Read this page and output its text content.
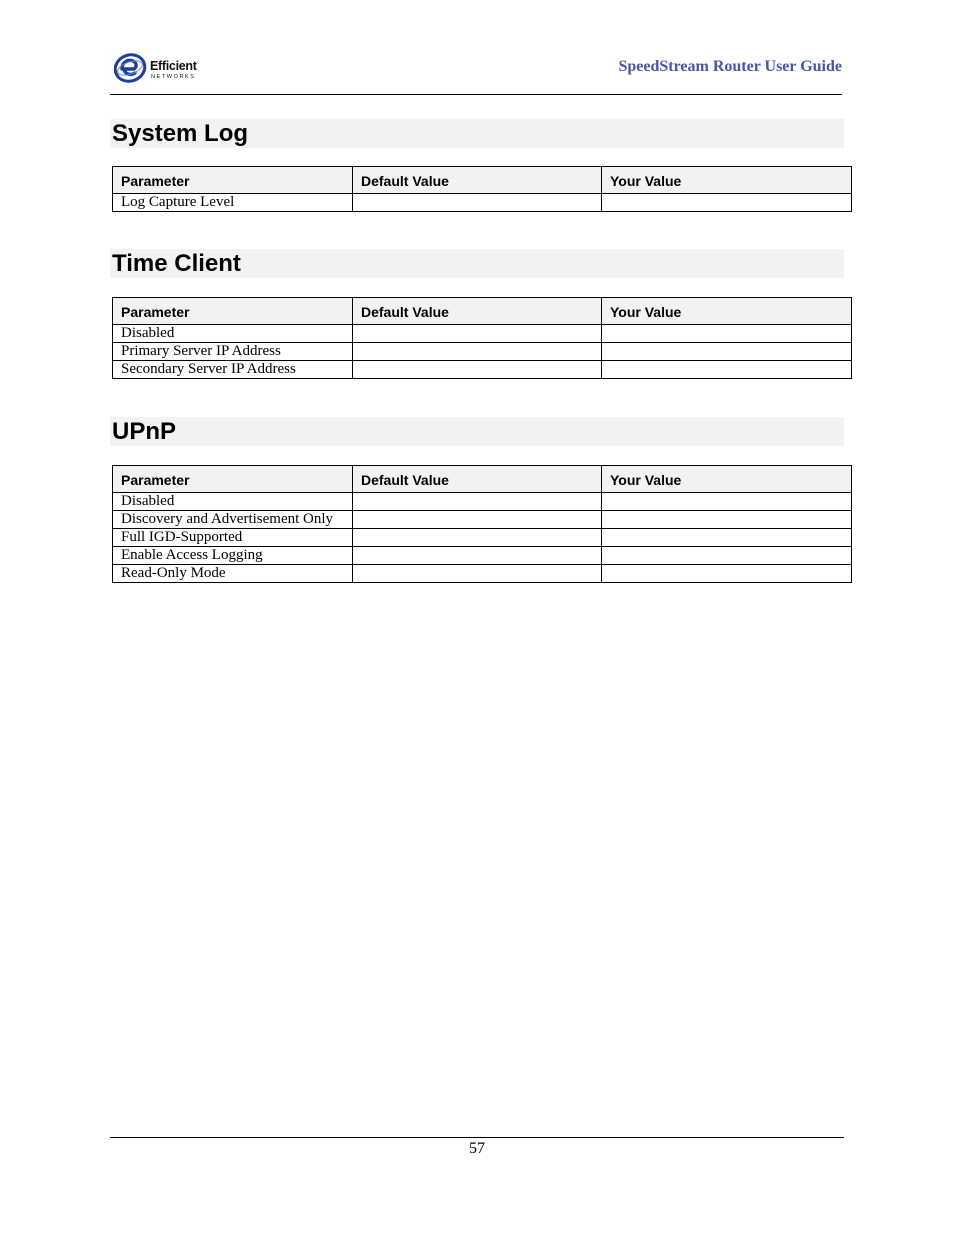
Efficient
NETWORKS
SpeedStream Router User Guide
System Log
Parameter	Default Value	Your Value
Log Capture Level		
Time Client
Parameter	Default Value	Your Value
Disabled		
Primary Server IP Address		
Secondary Server IP Address		
UPnP
Parameter	Default Value	Your Value
Disabled		
Discovery and Advertisement Only		
Full IGD-Supported		
Enable Access Logging		
Read-Only Mode		
57
